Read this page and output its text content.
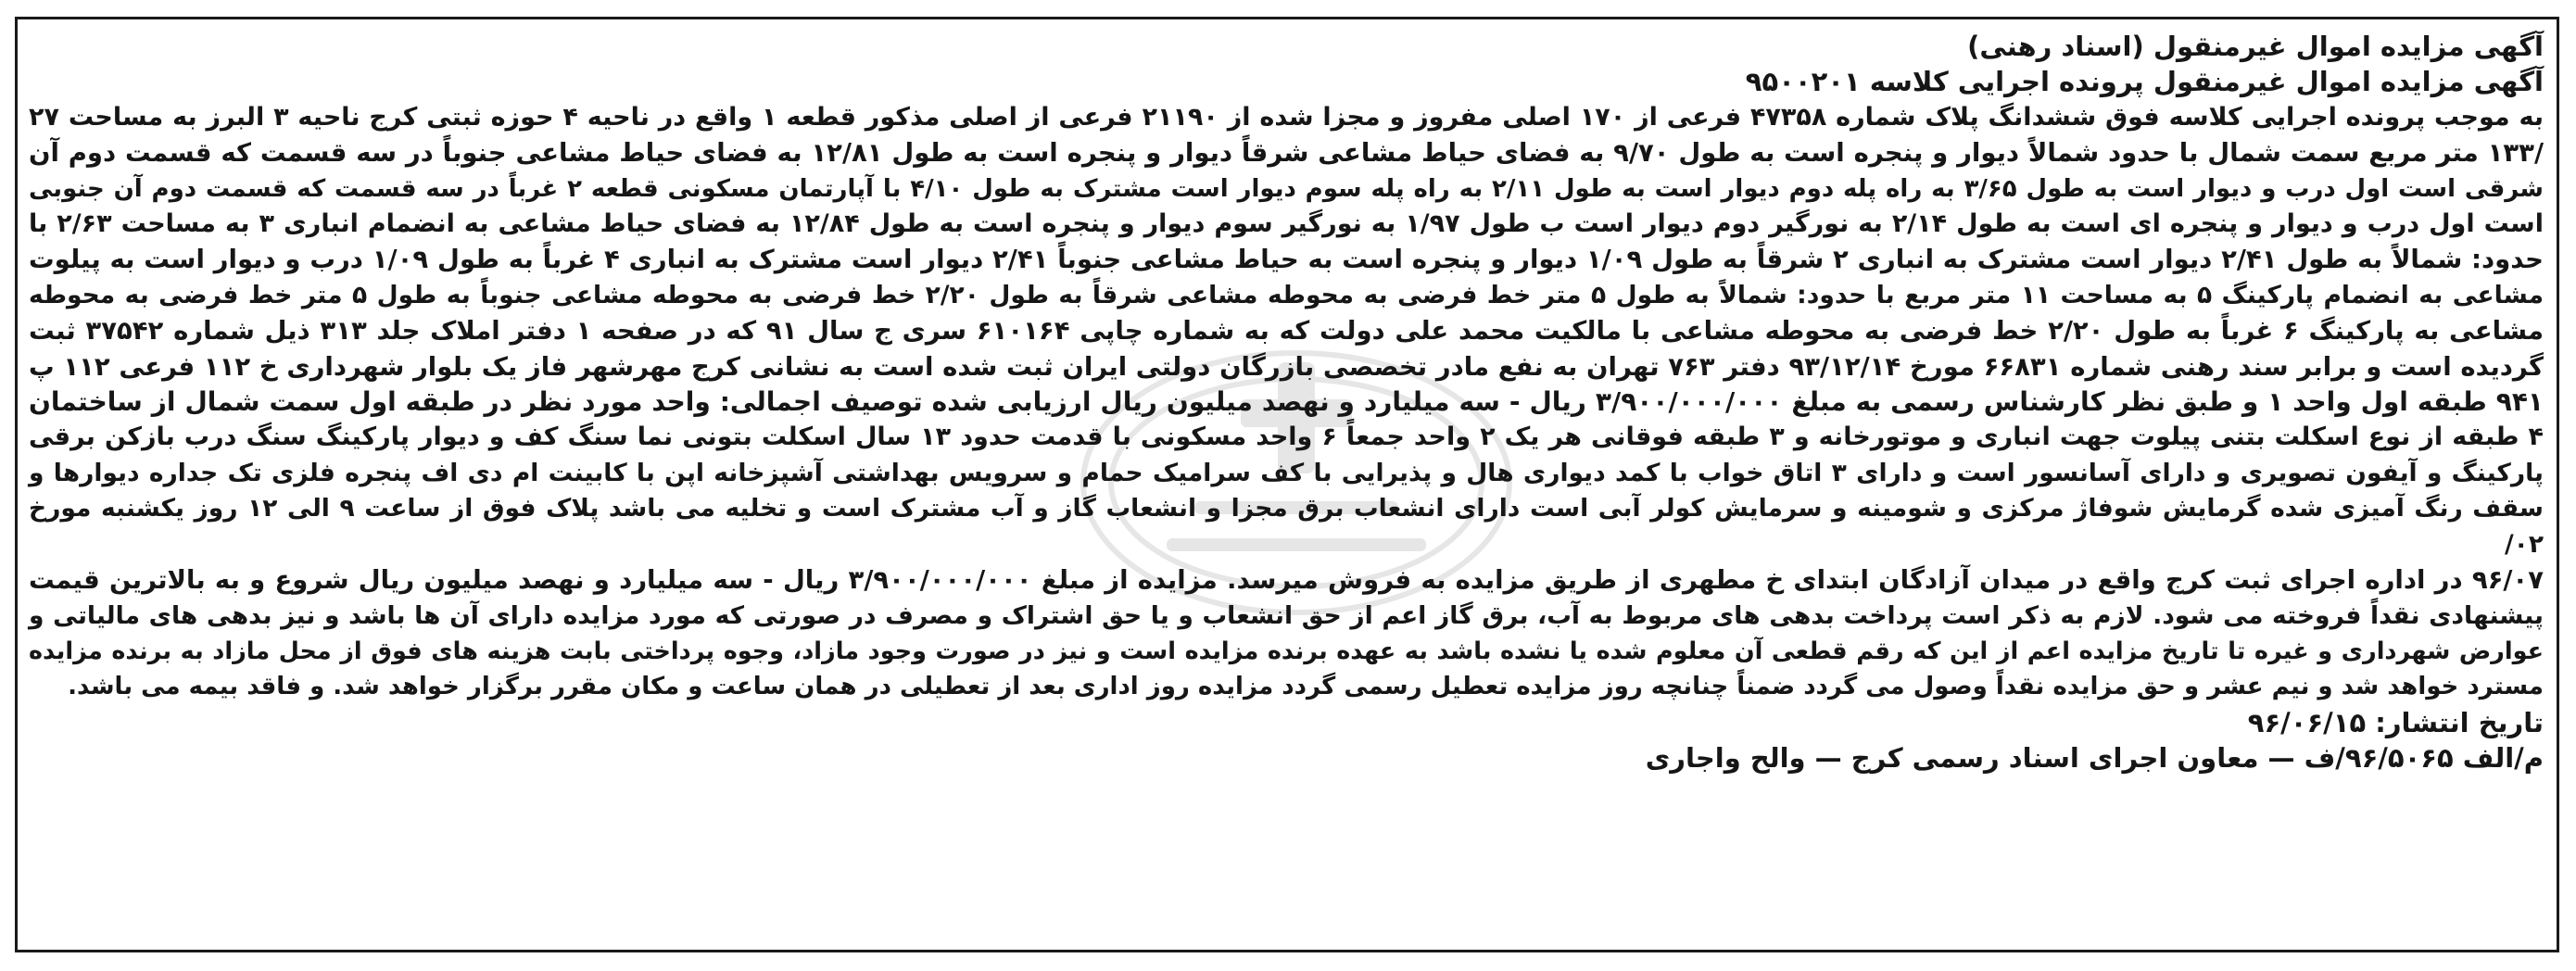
آگهی مزایده اموال غیرمنقول (اسناد رهنی)

آگهی مزایده اموال غیرمنقول پرونده اجرایی کلاسه ۹۵۰۰۲۰۱

به موجب پرونده اجرایی کلاسه فوق ششدانگ پلاک شماره ۴۷۳۵۸ فرعی از ۱۷۰ اصلی مفروز و مجزا شده از ۲۱۱۹۰ فرعی از اصلی مذکور قطعه ۱ واقع در ناحیه ۴ حوزه ثبتی کرج ناحیه ۳ البرز به مساحت ۲۷

/۱۳۳ متر مربع سمت شمال با حدود شمالاً دیوار و پنجره است به طول ۹/۷۰ به فضای حیاط مشاعی شرقاً دیوار و پنجره است به طول ۱۲/۸۱ به فضای حیاط مشاعی جنوباً در سه قسمت که قسمت دوم آن

شرقی است اول درب و دیوار است به طول ۳/۶۵ به راه پله دوم دیوار است به طول ۲/۱۱ به راه پله سوم دیوار است مشترک به طول ۴/۱۰ با آپارتمان مسکونی قطعه ۲ غرباً در سه قسمت که قسمت دوم آن جنوبی

است اول درب و دیوار و پنجره ای است به طول ۲/۱۴ به نورگیر دوم دیوار است ب طول ۱/۹۷ به نورگیر سوم دیوار و پنجره است به طول ۱۲/۸۴ به فضای حیاط مشاعی به انضمام انباری ۳ به مساحت ۲/۶۳ با

حدود: شمالاً به طول ۲/۴۱ دیوار است مشترک به انباری ۲ شرقاً به طول ۱/۰۹ دیوار و پنجره است به حیاط مشاعی جنوباً ۲/۴۱ دیوار است مشترک به انباری ۴ غرباً به طول ۱/۰۹ درب و دیوار است به پیلوت

مشاعی به انضمام پارکینگ ۵ به مساحت ۱۱ متر مربع با حدود: شمالاً به طول ۵ متر خط فرضی به محوطه مشاعی شرقاً به طول ۲/۲۰ خط فرضی به محوطه مشاعی جنوباً به طول ۵ متر خط فرضی به محوطه

مشاعی به پارکینگ ۶ غرباً به طول ۲/۲۰ خط فرضی به محوطه مشاعی با مالکیت محمد علی دولت که به شماره چاپی ۶۱۰۱۶۴ سری ج سال ۹۱ که در صفحه ۱ دفتر املاک جلد ۳۱۳ ذیل شماره ۳۷۵۴۲ ثبت

گردیده است و برابر سند رهنی شماره ۶۶۸۳۱ مورخ ۹۳/۱۲/۱۴ دفتر ۷۶۳ تهران به نفع مادر تخصصی بازرگان دولتی ایران ثبت شده است به نشانی کرج مهرشهر فاز یک بلوار شهرداری خ ۱۱۲ فرعی ۱۱۲ پ

۹۴۱ طبقه اول واحد ۱ و طبق نظر کارشناس رسمی به مبلغ ۳/۹۰۰/۰۰۰/۰۰۰ ریال - سه میلیارد و نهصد میلیون ریال ارزیابی شده توصیف اجمالی: واحد مورد نظر در طبقه اول سمت شمال از ساختمان

۴ طبقه از نوع اسکلت بتنی پیلوت جهت انباری و موتورخانه و ۳ طبقه فوقانی هر یک ۲ واحد جمعاً ۶ واحد مسکونی با قدمت حدود ۱۳ سال اسکلت بتونی نما سنگ کف و دیوار پارکینگ سنگ درب بازکن برقی

پارکینگ و آیفون تصویری و دارای آسانسور است و دارای ۳ اتاق خواب با کمد دیواری هال و پذیرایی با کف سرامیک حمام و سرویس بهداشتی آشپزخانه اپن با کابینت ام دی اف پنجره فلزی تک جداره دیوارها و

سقف رنگ آمیزی شده گرمایش شوفاژ مرکزی و شومینه و سرمایش کولر آبی است دارای انشعاب برق مجزا و انشعاب گاز و آب مشترک است و تخلیه می باشد پلاک فوق از ساعت ۹ الی ۱۲ روز یکشنبه مورخ ۰۲/

۹۶/۰۷ در اداره اجرای ثبت کرج واقع در میدان آزادگان ابتدای خ مطهری از طریق مزایده به فروش میرسد. مزایده از مبلغ ۳/۹۰۰/۰۰۰/۰۰۰ ریال - سه میلیارد و نهصد میلیون ریال شروع و به بالاترین قیمت

پیشنهادی نقداً فروخته می شود. لازم به ذکر است پرداخت بدهی های مربوط به آب، برق گاز اعم از حق انشعاب و یا حق اشتراک و مصرف در صورتی که مورد مزایده دارای آن ها باشد و نیز بدهی های مالیاتی و

عوارض شهرداری و غیره تا تاریخ مزایده اعم از این که رقم قطعی آن معلوم شده یا نشده باشد به عهده برنده مزایده است و نیز در صورت وجود مازاد، وجوه پرداختی بابت هزینه های فوق از محل مازاد به برنده مزایده

مسترد خواهد شد و نیم عشر و حق مزایده نقداً وصول می گردد ضمناً چنانچه روز مزایده تعطیل رسمی گردد مزایده روز اداری بعد از تعطیلی در همان ساعت و مکان مقرر برگزار خواهد شد. و فاقد بیمه می باشد.

تاریخ انتشار: ۹۶/۰۶/۱۵

م/الف ۹۶/۵۰۶۵/ف — معاون اجرای اسناد رسمی کرج — والح واجاری
